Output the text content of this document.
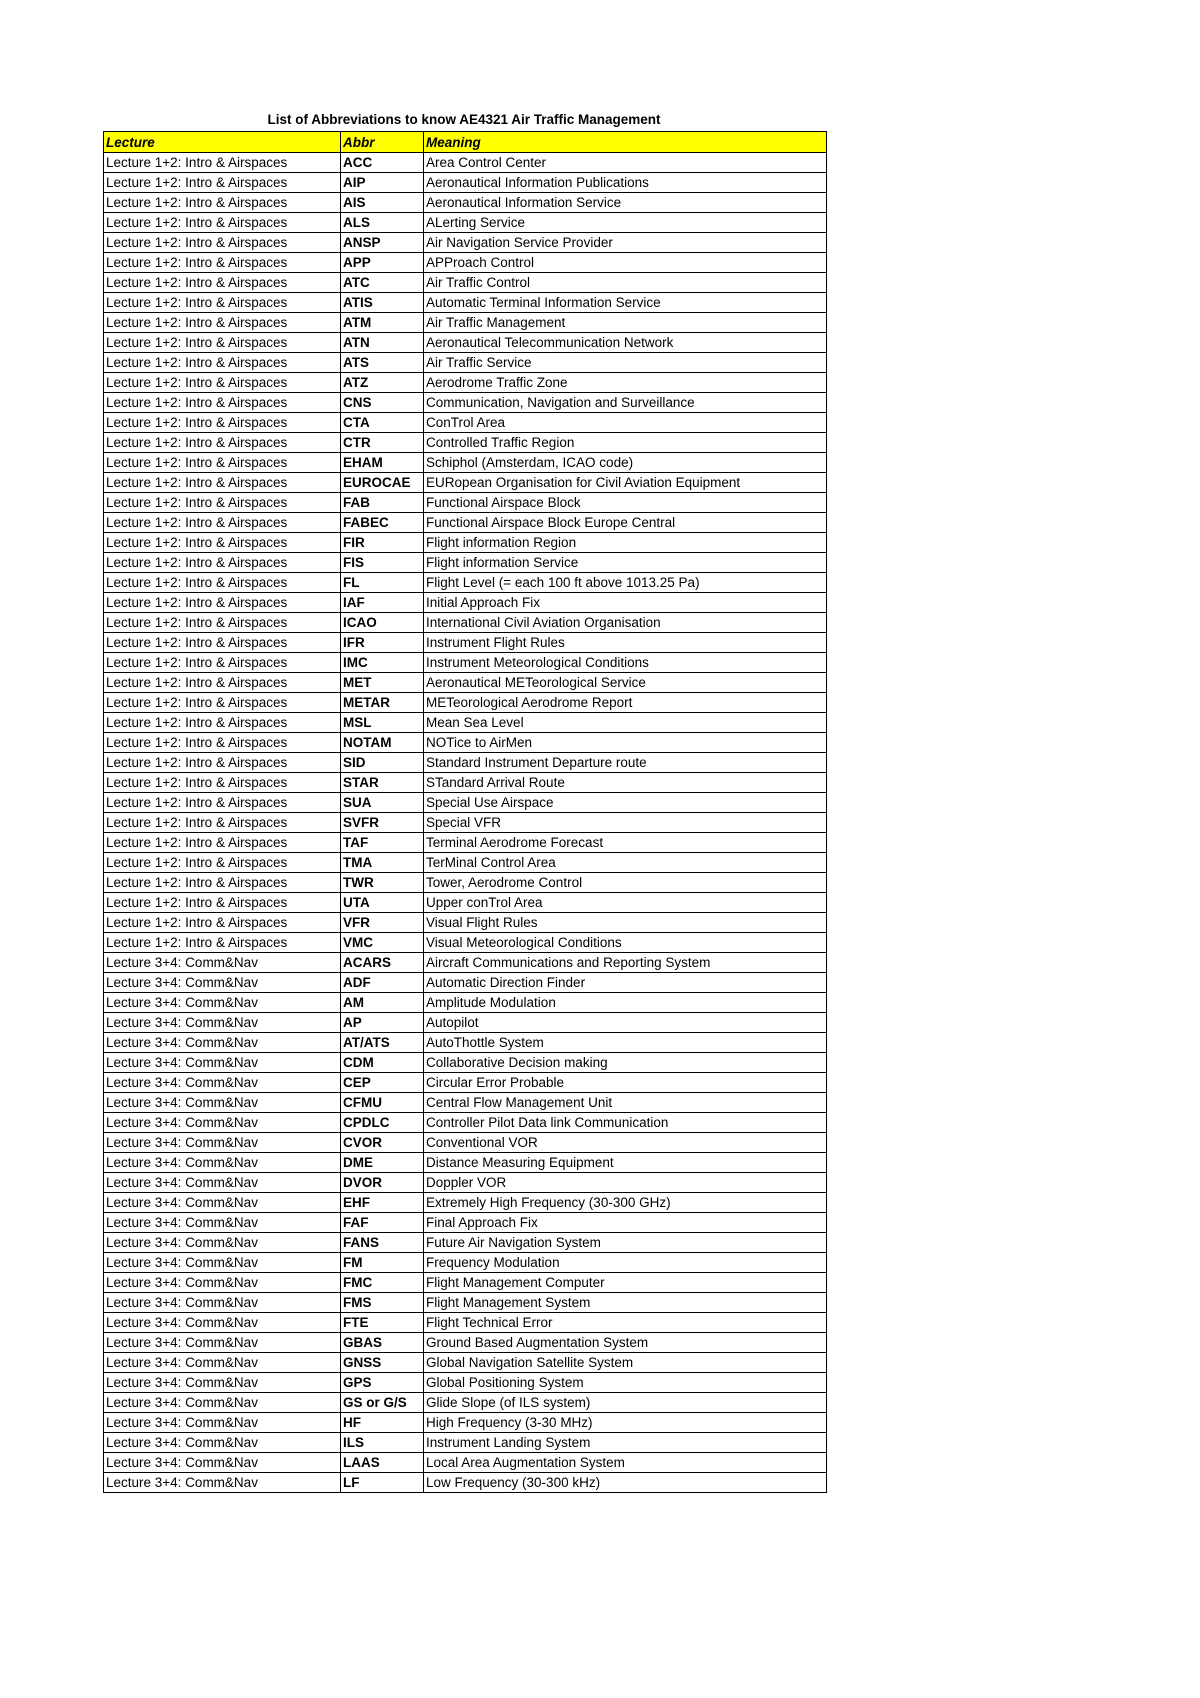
List of Abbreviations to know AE4321 Air Traffic Management
Lecture	Abbr	Meaning
Lecture 1+2: Intro & Airspaces	ACC	Area Control Center
Lecture 1+2: Intro & Airspaces	AIP	Aeronautical Information Publications
Lecture 1+2: Intro & Airspaces	AIS	Aeronautical Information Service
Lecture 1+2: Intro & Airspaces	ALS	ALerting Service
Lecture 1+2: Intro & Airspaces	ANSP	Air Navigation Service Provider
Lecture 1+2: Intro & Airspaces	APP	APProach Control
Lecture 1+2: Intro & Airspaces	ATC	Air Traffic Control
Lecture 1+2: Intro & Airspaces	ATIS	Automatic Terminal Information Service
Lecture 1+2: Intro & Airspaces	ATM	Air Traffic Management
Lecture 1+2: Intro & Airspaces	ATN	Aeronautical Telecommunication Network
Lecture 1+2: Intro & Airspaces	ATS	Air Traffic Service
Lecture 1+2: Intro & Airspaces	ATZ	Aerodrome Traffic Zone
Lecture 1+2: Intro & Airspaces	CNS	Communication, Navigation and Surveillance
Lecture 1+2: Intro & Airspaces	CTA	ConTrol Area
Lecture 1+2: Intro & Airspaces	CTR	Controlled Traffic Region
Lecture 1+2: Intro & Airspaces	EHAM	Schiphol (Amsterdam, ICAO code)
Lecture 1+2: Intro & Airspaces	EUROCAE	EURopean Organisation for Civil Aviation Equipment
Lecture 1+2: Intro & Airspaces	FAB	Functional Airspace Block
Lecture 1+2: Intro & Airspaces	FABEC	Functional Airspace Block Europe Central
Lecture 1+2: Intro & Airspaces	FIR	Flight information Region
Lecture 1+2: Intro & Airspaces	FIS	Flight information Service
Lecture 1+2: Intro & Airspaces	FL	Flight Level (= each 100 ft above 1013.25 Pa)
Lecture 1+2: Intro & Airspaces	IAF	Initial Approach Fix
Lecture 1+2: Intro & Airspaces	ICAO	International Civil Aviation Organisation
Lecture 1+2: Intro & Airspaces	IFR	Instrument Flight Rules
Lecture 1+2: Intro & Airspaces	IMC	Instrument Meteorological Conditions
Lecture 1+2: Intro & Airspaces	MET	Aeronautical METeorological Service
Lecture 1+2: Intro & Airspaces	METAR	METeorological Aerodrome Report
Lecture 1+2: Intro & Airspaces	MSL	Mean Sea Level
Lecture 1+2: Intro & Airspaces	NOTAM	NOTice to AirMen
Lecture 1+2: Intro & Airspaces	SID	Standard Instrument Departure route
Lecture 1+2: Intro & Airspaces	STAR	STandard Arrival Route
Lecture 1+2: Intro & Airspaces	SUA	Special Use Airspace
Lecture 1+2: Intro & Airspaces	SVFR	Special VFR
Lecture 1+2: Intro & Airspaces	TAF	Terminal Aerodrome Forecast
Lecture 1+2: Intro & Airspaces	TMA	TerMinal Control Area
Lecture 1+2: Intro & Airspaces	TWR	Tower, Aerodrome Control
Lecture 1+2: Intro & Airspaces	UTA	Upper conTrol Area
Lecture 1+2: Intro & Airspaces	VFR	Visual Flight Rules
Lecture 1+2: Intro & Airspaces	VMC	Visual Meteorological Conditions
Lecture 3+4: Comm&Nav	ACARS	Aircraft Communications and Reporting System
Lecture 3+4: Comm&Nav	ADF	Automatic Direction Finder
Lecture 3+4: Comm&Nav	AM	Amplitude Modulation
Lecture 3+4: Comm&Nav	AP	Autopilot
Lecture 3+4: Comm&Nav	AT/ATS	AutoThottle System
Lecture 3+4: Comm&Nav	CDM	Collaborative Decision making
Lecture 3+4: Comm&Nav	CEP	Circular Error Probable
Lecture 3+4: Comm&Nav	CFMU	Central Flow Management Unit
Lecture 3+4: Comm&Nav	CPDLC	Controller Pilot Data link Communication
Lecture 3+4: Comm&Nav	CVOR	Conventional VOR
Lecture 3+4: Comm&Nav	DME	Distance Measuring Equipment
Lecture 3+4: Comm&Nav	DVOR	Doppler VOR
Lecture 3+4: Comm&Nav	EHF	Extremely High Frequency (30-300 GHz)
Lecture 3+4: Comm&Nav	FAF	Final Approach Fix
Lecture 3+4: Comm&Nav	FANS	Future Air Navigation System
Lecture 3+4: Comm&Nav	FM	Frequency Modulation
Lecture 3+4: Comm&Nav	FMC	Flight Management Computer
Lecture 3+4: Comm&Nav	FMS	Flight Management System
Lecture 3+4: Comm&Nav	FTE	Flight Technical Error
Lecture 3+4: Comm&Nav	GBAS	Ground Based Augmentation System
Lecture 3+4: Comm&Nav	GNSS	Global Navigation Satellite System
Lecture 3+4: Comm&Nav	GPS	Global Positioning System
Lecture 3+4: Comm&Nav	GS or G/S	Glide Slope (of ILS system)
Lecture 3+4: Comm&Nav	HF	High Frequency (3-30 MHz)
Lecture 3+4: Comm&Nav	ILS	Instrument Landing System
Lecture 3+4: Comm&Nav	LAAS	Local Area Augmentation System
Lecture 3+4: Comm&Nav	LF	Low Frequency (30-300 kHz)
